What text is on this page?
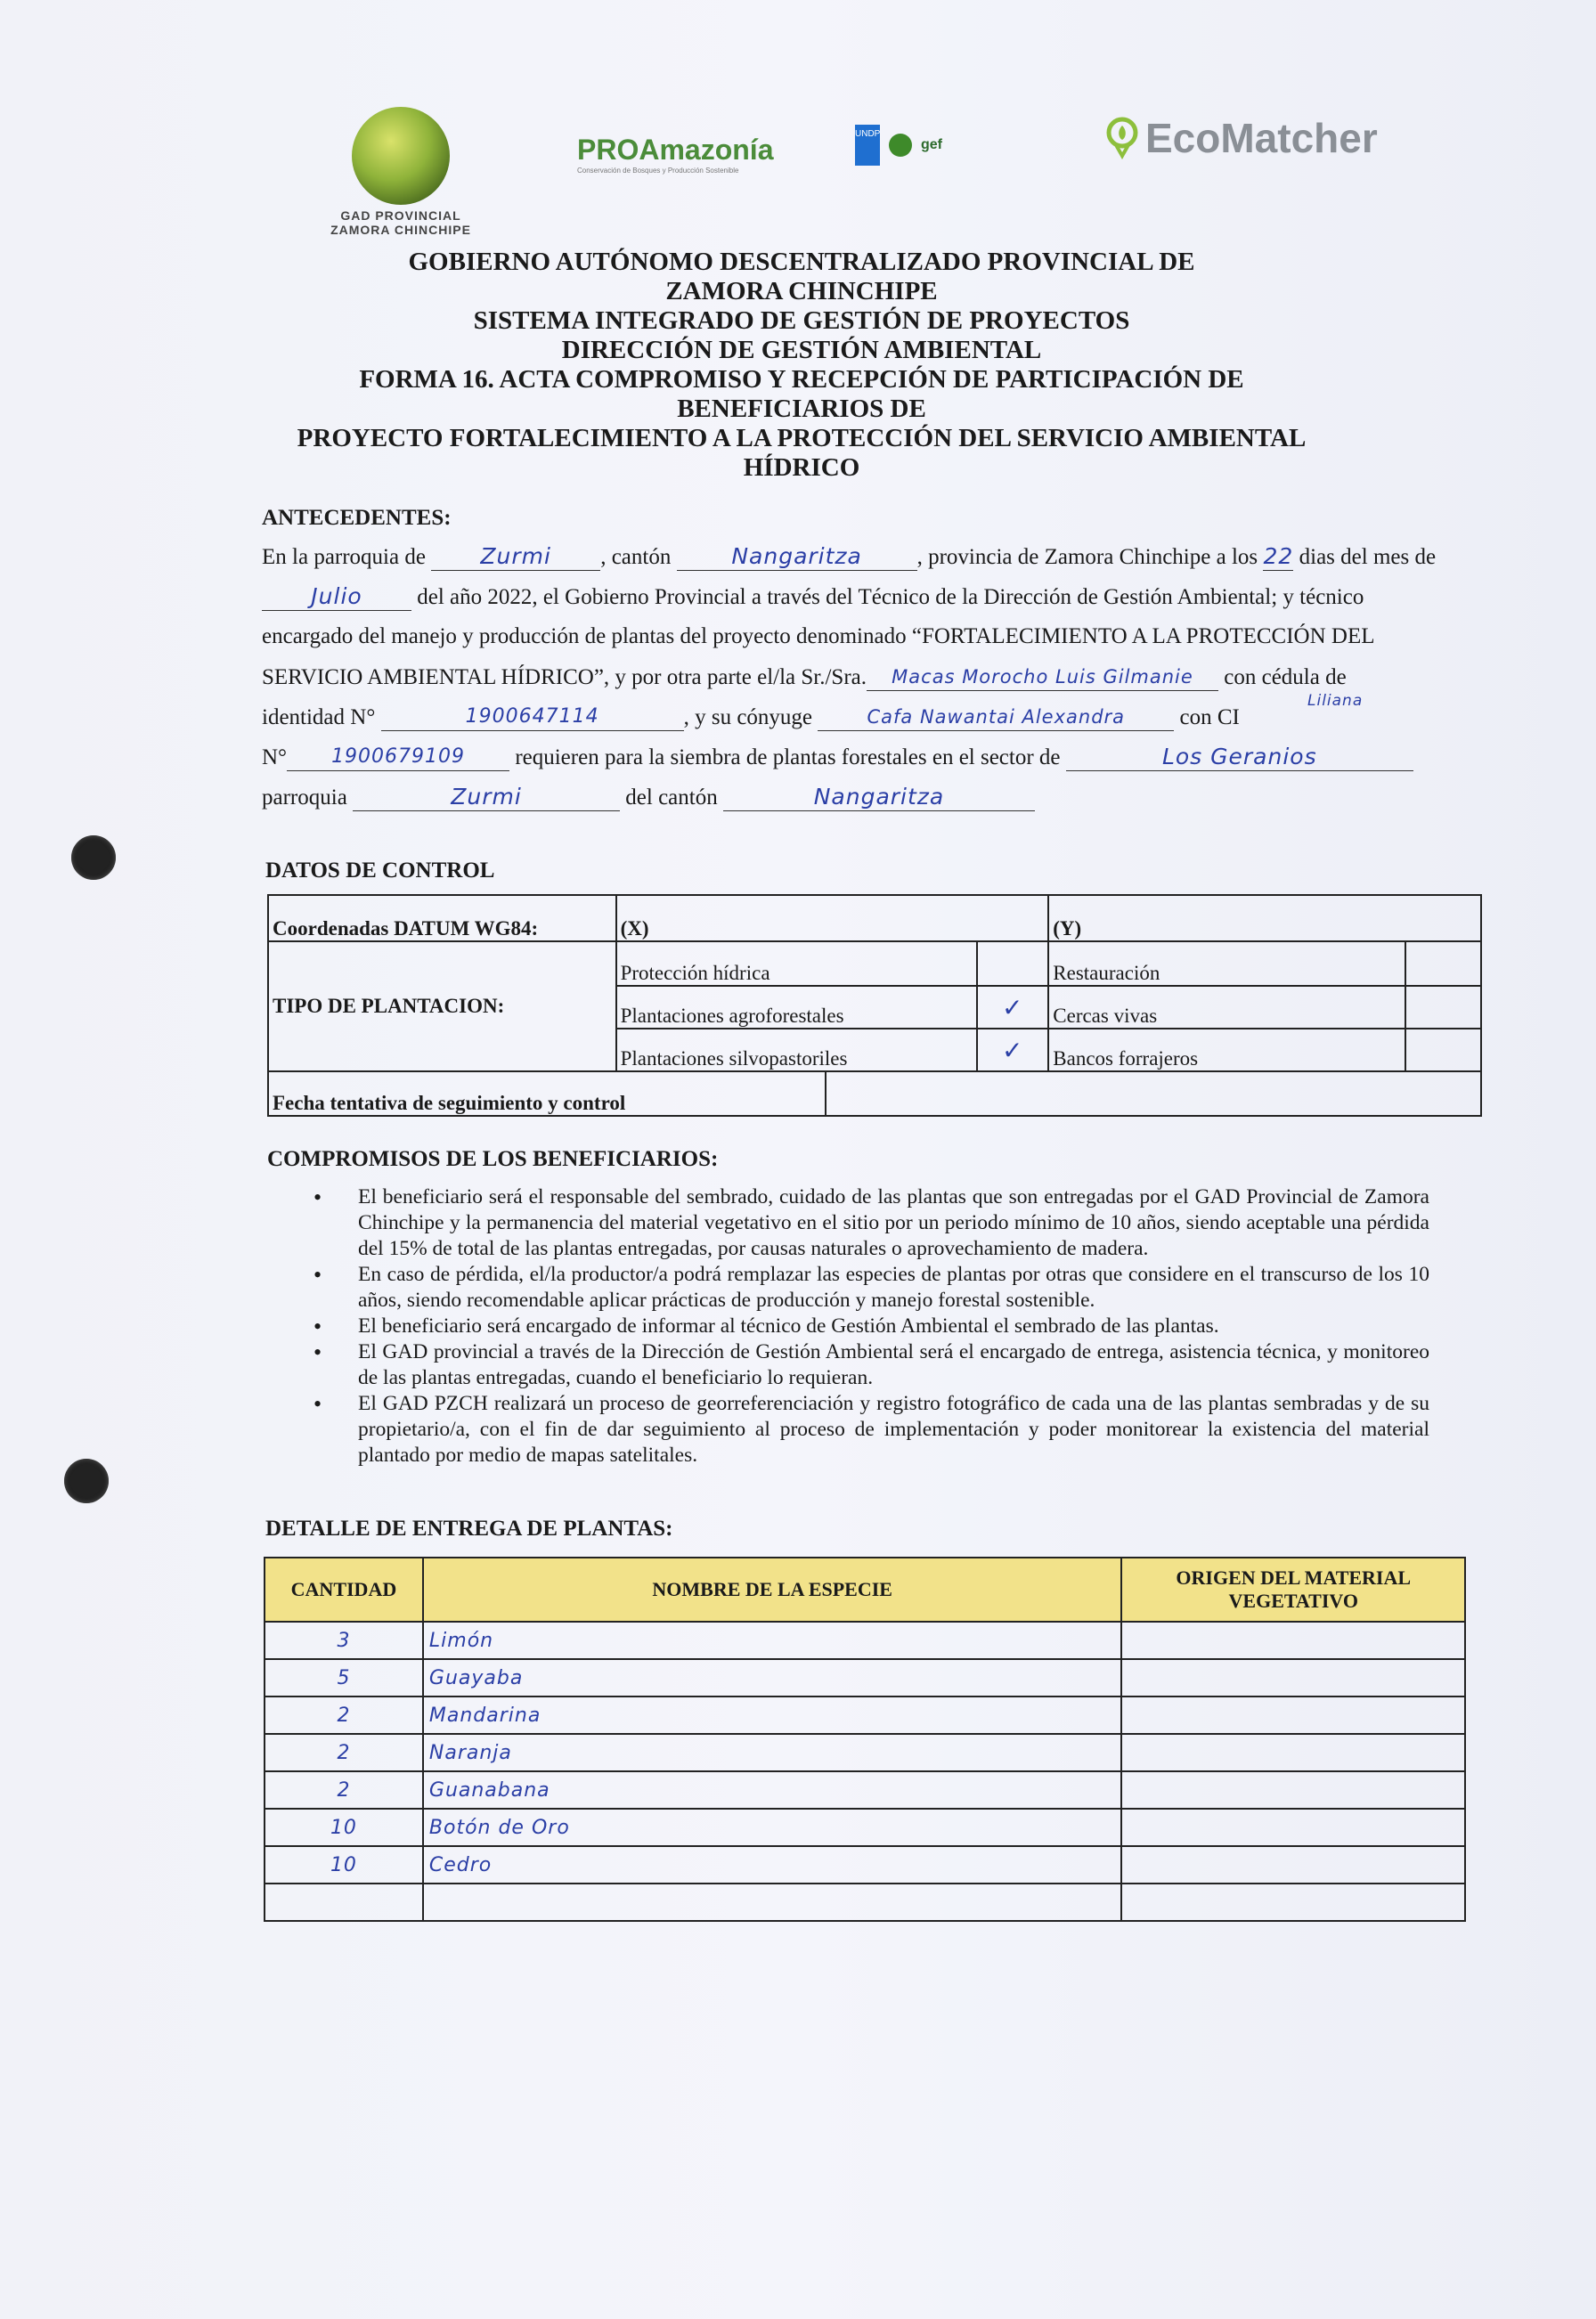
GAD PROVINCIAL ZAMORA CHINCHIPE
PROAmazonía
Conservación de Bosques y Producción Sostenible
UNDP
gef	EcoMatcher
GOBIERNO AUTÓNOMO DESCENTRALIZADO PROVINCIAL DE
ZAMORA CHINCHIPE
SISTEMA INTEGRADO DE GESTIÓN DE PROYECTOS
DIRECCIÓN DE GESTIÓN AMBIENTAL
FORMA 16. ACTA COMPROMISO Y RECEPCIÓN DE PARTICIPACIÓN DE BENEFICIARIOS DE
PROYECTO FORTALECIMIENTO A LA PROTECCIÓN DEL SERVICIO AMBIENTAL HÍDRICO
ANTECEDENTES:
En la parroquia de Zurmi , cantón	Nangaritza , provincia de Zamora Chinchipe a los 22 dias del mes de
Julio del año 2022, el Gobierno Provincial a través del Técnico de la Dirección de Gestión Ambiental; y técnico
encargado del manejo y producción de plantas del proyecto denominado “FORTALECIMIENTO A LA PROTECCIÓN DEL
SERVICIO AMBIENTAL HÍDRICO”, y por otra parte el/la Sr./Sra. Macas Morocho Luis Gilmanie con cédula de
Liliana
identidad N°	1900647114	, y su cónyuge	Cafa Nawantai Alexandra con CI
N° 1900679109 requieren para la siembra de plantas forestales en el sector de	Los Geranios
parroquia	Zurmi	del cantón	Nangaritza
DATOS DE CONTROL
Coordenadas DATUM WG84:	(X)			(Y)	
TIPO DE PLANTACION:	Protección hídrica			Restauración	
	Plantaciones agroforestales		✓	Cercas vivas	
	Plantaciones silvopastoriles		✓	Bancos forrajeros	
Fecha tentativa de seguimiento y control					
COMPROMISOS DE LOS BENEFICIARIOS:
• El beneficiario será el responsable del sembrado, cuidado de las plantas que son entregadas por el GAD Provincial de Zamora Chinchipe y la permanencia del material vegetativo en el sitio por un periodo mínimo de 10 años, siendo aceptable una pérdida del 15% de total de las plantas entregadas, por causas naturales o aprovechamiento de madera.
• En caso de pérdida, el/la productor/a podrá remplazar las especies de plantas por otras que considere en el transcurso de los 10 años, siendo recomendable aplicar prácticas de producción y manejo forestal sostenible.
• El beneficiario será encargado de informar al técnico de Gestión Ambiental el sembrado de las plantas.
• El GAD provincial a través de la Dirección de Gestión Ambiental será el encargado de entrega, asistencia técnica, y monitoreo de las plantas entregadas, cuando el beneficiario lo requieran.
• El GAD PZCH realizará un proceso de georreferenciación y registro fotográfico de cada una de las plantas sembradas y de su propietario/a, con el fin de dar seguimiento al proceso de implementación y poder monitorear la existencia del material plantado por medio de mapas satelitales.
DETALLE DE ENTREGA DE PLANTAS:
CANTIDAD	NOMBRE DE LA ESPECIE	ORIGEN DEL MATERIAL VEGETATIVO
3	Limón	
5	Guayaba	
2	Mandarina	
2	Naranja	
2	Guanabana	
10	Botón de Oro	
10	Cedro	
